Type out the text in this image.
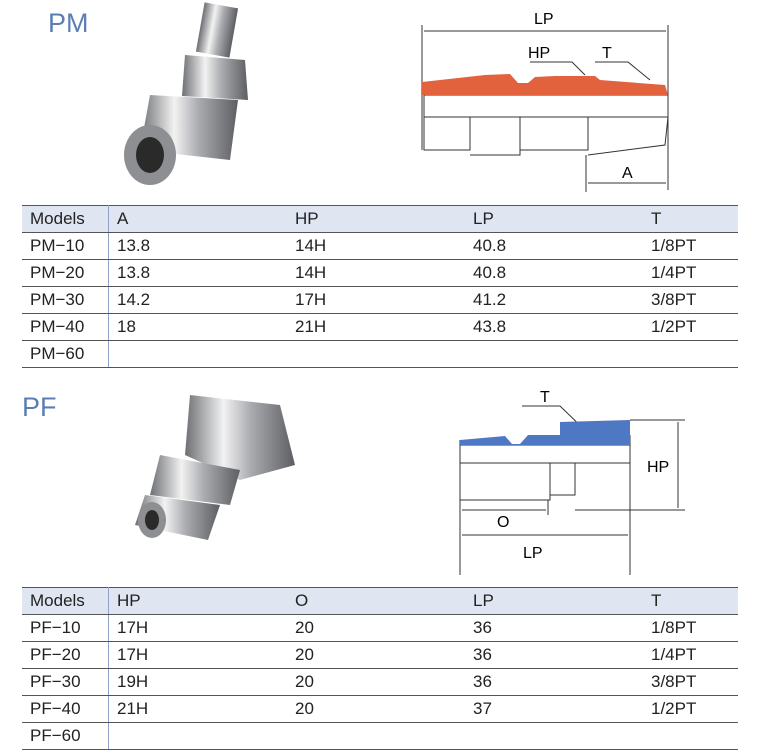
PM	LP
HP	T
A
Models	A	HP	LP	T
PM−10	13.8	14H	40.8	1/8PT
PM−20	13.8	14H	40.8	1/4PT
PM−30	14.2	17H	41.2	3/8PT
PM−40	18	21H	43.8	1/2PT
PM−60				
PF	T
HP
O
LP
Models	HP	O	LP	T
PF−10	17H	20	36	1/8PT
PF−20	17H	20	36	1/4PT
PF−30	19H	20	36	3/8PT
PF−40	21H	20	37	1/2PT
PF−60				
